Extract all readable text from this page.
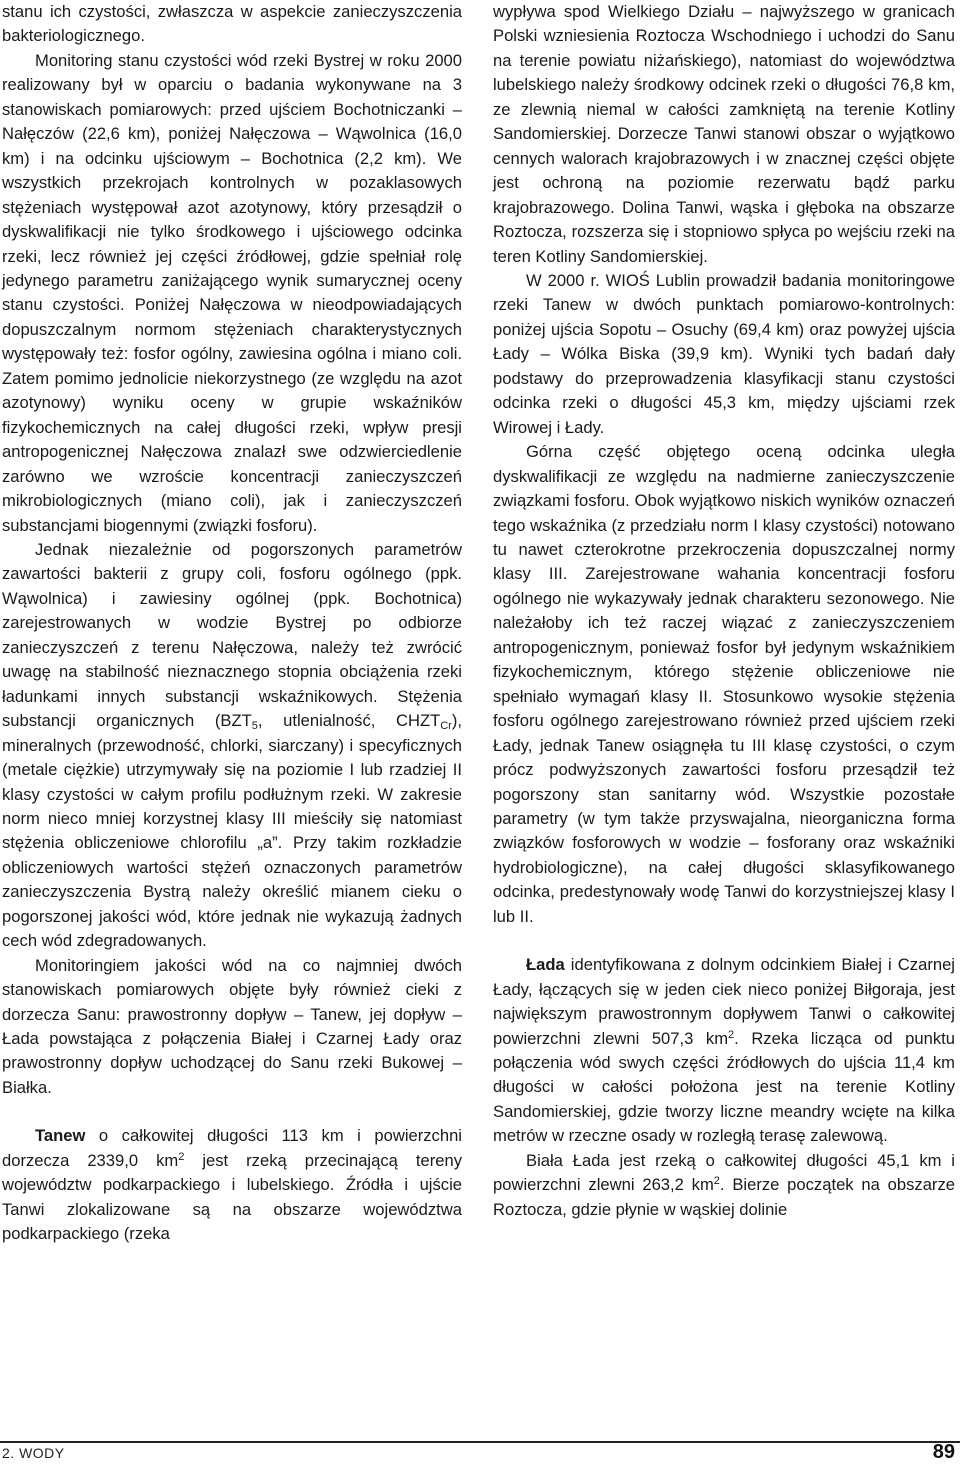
stanu ich czystości, zwłaszcza w aspekcie zanieczyszczenia bakteriologicznego.

Monitoring stanu czystości wód rzeki Bystrej w roku 2000 realizowany był w oparciu o badania wykonywane na 3 stanowiskach pomiarowych: przed ujściem Bochotniczanki – Nałęczów (22,6 km), poniżej Nałęczowa – Wąwolnica (16,0 km) i na odcinku ujściowym – Bochotnica (2,2 km). We wszystkich przekrojach kontrolnych w pozaklasowych stężeniach występował azot azotynowy, który przesądził o dyskwalifikacji nie tylko środkowego i ujściowego odcinka rzeki, lecz również jej części źródłowej, gdzie spełniał rolę jedynego parametru zaniżającego wynik sumarycznej oceny stanu czystości. Poniżej Nałęczowa w nieodpowiadających dopuszczalnym normom stężeniach charakterystycznych występowały też: fosfor ogólny, zawiesina ogólna i miano coli. Zatem pomimo jednolicie niekorzystnego (ze względu na azot azotynowy) wyniku oceny w grupie wskaźników fizykochemicznych na całej długości rzeki, wpływ presji antropogenicznej Nałęczowa znalazł swe odzwierciedlenie zarówno we wzroście koncentracji zanieczyszczeń mikrobiologicznych (miano coli), jak i zanieczyszczeń substancjami biogennymi (związki fosforu).

Jednak niezależnie od pogorszonych parametrów zawartości bakterii z grupy coli, fosforu ogólnego (ppk. Wąwolnica) i zawiesiny ogólnej (ppk. Bochotnica) zarejestrowanych w wodzie Bystrej po odbiorze zanieczyszczeń z terenu Nałęczowa, należy też zwrócić uwagę na stabilność nieznacznego stopnia obciążenia rzeki ładunkami innych substancji wskaźnikowych. Stężenia substancji organicznych ($BZT_5$, utlenialność, $CHZT_{Cr}$), mineralnych (przewodność, chlorki, siarczany) i specyficznych (metale ciężkie) utrzymywały się na poziomie I lub rzadziej II klasy czystości w całym profilu podłużnym rzeki. W zakresie norm nieco mniej korzystnej klasy III mieściły się natomiast stężenia obliczeniowe chlorofilu „a”. Przy takim rozkładzie obliczeniowych wartości stężeń oznaczonych parametrów zanieczyszczenia Bystrą należy określić mianem cieku o pogorszonej jakości wód, które jednak nie wykazują żadnych cech wód zdegradowanych.

Monitoringiem jakości wód na co najmniej dwóch stanowiskach pomiarowych objęte były również cieki z dorzecza Sanu: prawostronny dopływ – Tanew, jej dopływ – Łada powstająca z połączenia Białej i Czarnej Łady oraz prawostronny dopływ uchodzącej do Sanu rzeki Bukowej – Białka.

Tanew o całkowitej długości 113 km i powierzchni dorzecza 2339,0 $km^2$ jest rzeką przecinającą tereny województw podkarpackiego i lubelskiego. Źródła i ujście Tanwi zlokalizowane są na obszarze województwa podkarpackiego (rzeka

wypływa spod Wielkiego Działu – najwyższego w granicach Polski wzniesienia Roztocza Wschodniego i uchodzi do Sanu na terenie powiatu niżańskiego), natomiast do województwa lubelskiego należy środkowy odcinek rzeki o długości 76,8 km, ze zlewnią niemal w całości zamkniętą na terenie Kotliny Sandomierskiej. Dorzecze Tanwi stanowi obszar o wyjątkowo cennych walorach krajobrazowych i w znacznej części objęte jest ochroną na poziomie rezerwatu bądź parku krajobrazowego. Dolina Tanwi, wąska i głęboka na obszarze Roztocza, rozszerza się i stopniowo spłyca po wejściu rzeki na teren Kotliny Sandomierskiej.

W 2000 r. WIOŚ Lublin prowadził badania monitoringowe rzeki Tanew w dwóch punktach pomiarowo-kontrolnych: poniżej ujścia Sopotu – Osuchy (69,4 km) oraz powyżej ujścia Łady – Wólka Biska (39,9 km). Wyniki tych badań dały podstawy do przeprowadzenia klasyfikacji stanu czystości odcinka rzeki o długości 45,3 km, między ujściami rzek Wirowej i Łady.

Górna część objętego oceną odcinka uległa dyskwalifikacji ze względu na nadmierne zanieczyszczenie związkami fosforu. Obok wyjątkowo niskich wyników oznaczeń tego wskaźnika (z przedziału norm I klasy czystości) notowano tu nawet czterokrotne przekroczenia dopuszczalnej normy klasy III. Zarejestrowane wahania koncentracji fosforu ogólnego nie wykazywały jednak charakteru sezonowego. Nie należałoby ich też raczej wiązać z zanieczyszczeniem antropogenicznym, ponieważ fosfor był jedynym wskaźnikiem fizykochemicznym, którego stężenie obliczeniowe nie spełniało wymagań klasy II. Stosunkowo wysokie stężenia fosforu ogólnego zarejestrowano również przed ujściem rzeki Łady, jednak Tanew osiągnęła tu III klasę czystości, o czym prócz podwyższonych zawartości fosforu przesądził też pogorszony stan sanitarny wód. Wszystkie pozostałe parametry (w tym także przyswajalna, nieorganiczna forma związków fosforowych w wodzie – fosforany oraz wskaźniki hydrobiologiczne), na całej długości sklasyfikowanego odcinka, predestynowały wodę Tanwi do korzystniejszej klasy I lub II.

Łada identyfikowana z dolnym odcinkiem Białej i Czarnej Łady, łączących się w jeden ciek nieco poniżej Biłgoraja, jest największym prawostronnym dopływem Tanwi o całkowitej powierzchni zlewni 507,3 $km^2$. Rzeka licząca od punktu połączenia wód swych części źródłowych do ujścia 11,4 km długości w całości położona jest na terenie Kotliny Sandomierskiej, gdzie tworzy liczne meandry wcięte na kilka metrów w rzeczne osady w rozległą terasę zalewową.

Biała Łada jest rzeką o całkowitej długości 45,1 km i powierzchni zlewni 263,2 $km^2$. Bierze początek na obszarze Roztocza, gdzie płynie w wąskiej dolinie

2. WODY	89
